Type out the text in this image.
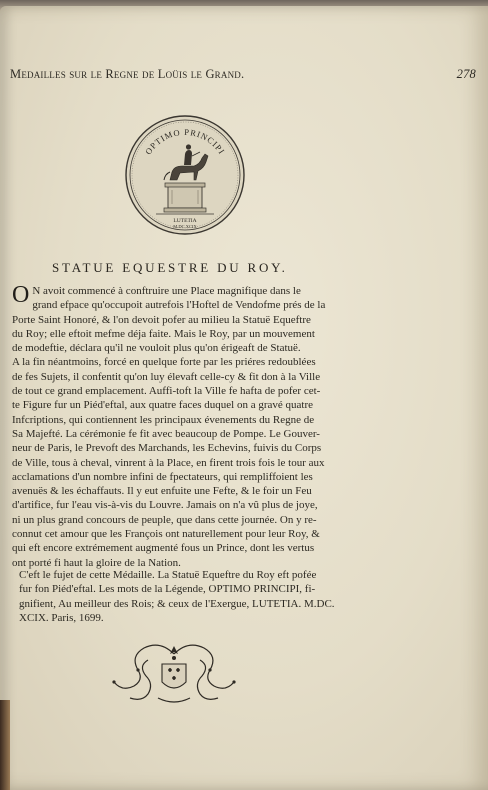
Medailles sur le Regne de Loüis le Grand.	278
OPTIMO PRINCIPI
LUTETIA
M.DC.XCIX
STATUE EQUESTRE DU ROY.
O N avoit commencé à conftruire une Place magnifique dans le
grand efpace qu'occupoit autrefois l'Hoftel de Vendofme prés de la
Porte Saint Honoré, & l'on devoit pofer au milieu la Statuë Equeftre
du Roy; elle eftoit mefme déja faite. Mais le Roy, par un mouvement
de modeftie, déclara qu'il ne vouloit plus qu'on érigeaft de Statuë.
A la fin néantmoins, forcé en quelque forte par les priéres redoublées
de fes Sujets, il confentit qu'on luy élevaft celle-cy & fit don à la Ville
de tout ce grand emplacement. Auffi-toft la Ville fe hafta de pofer cet-
te Figure fur un Piéd'eftal, aux quatre faces duquel on a gravé quatre
Infcriptions, qui contiennent les principaux évenements du Regne de
Sa Majefté. La cérémonie fe fit avec beaucoup de Pompe. Le Gouver-
neur de Paris, le Prevoft des Marchands, les Echevins, fuivis du Corps
de Ville, tous à cheval, vinrent à la Place, en firent trois fois le tour aux
acclamations d'un nombre infini de fpectateurs, qui rempliffoient les
avenuës & les échaffauts. Il y eut enfuite une Fefte, & le foir un Feu
d'artifice, fur l'eau vis-à-vis du Louvre. Jamais on n'a vû plus de joye,
ni un plus grand concours de peuple, que dans cette journée. On y re-
connut cet amour que les François ont naturellement pour leur Roy, &
qui eft encore extrémement augmenté fous un Prince, dont les vertus
ont porté fi haut la gloire de la Nation.
C'eft le fujet de cette Médaille. La Statuë Equeftre du Roy eft pofée
fur fon Piéd'eftal. Les mots de la Légende, OPTIMO PRINCIPI, fi-
gnifient, Au meilleur des Rois; & ceux de l'Exergue, LUTETIA. M.DC.
XCIX. Paris, 1699.
